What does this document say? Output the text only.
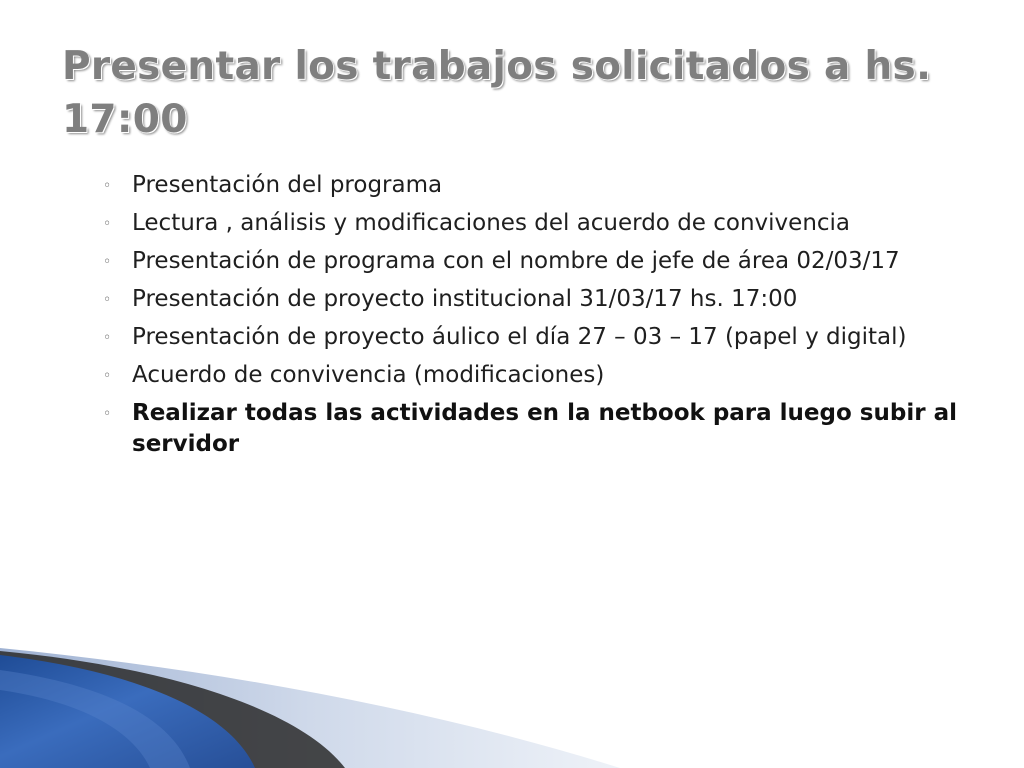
Presentar los trabajos solicitados a hs. 17:00
◦ Presentación del programa
◦ Lectura , análisis y modificaciones del acuerdo de convivencia
◦ Presentación de programa con el nombre de jefe de área 02/03/17
◦ Presentación de proyecto institucional 31/03/17 hs. 17:00
◦ Presentación de proyecto áulico el día 27 – 03 – 17 (papel y digital)
◦ Acuerdo de convivencia (modificaciones)
◦ Realizar todas las actividades en la netbook para luego subir al servidor
